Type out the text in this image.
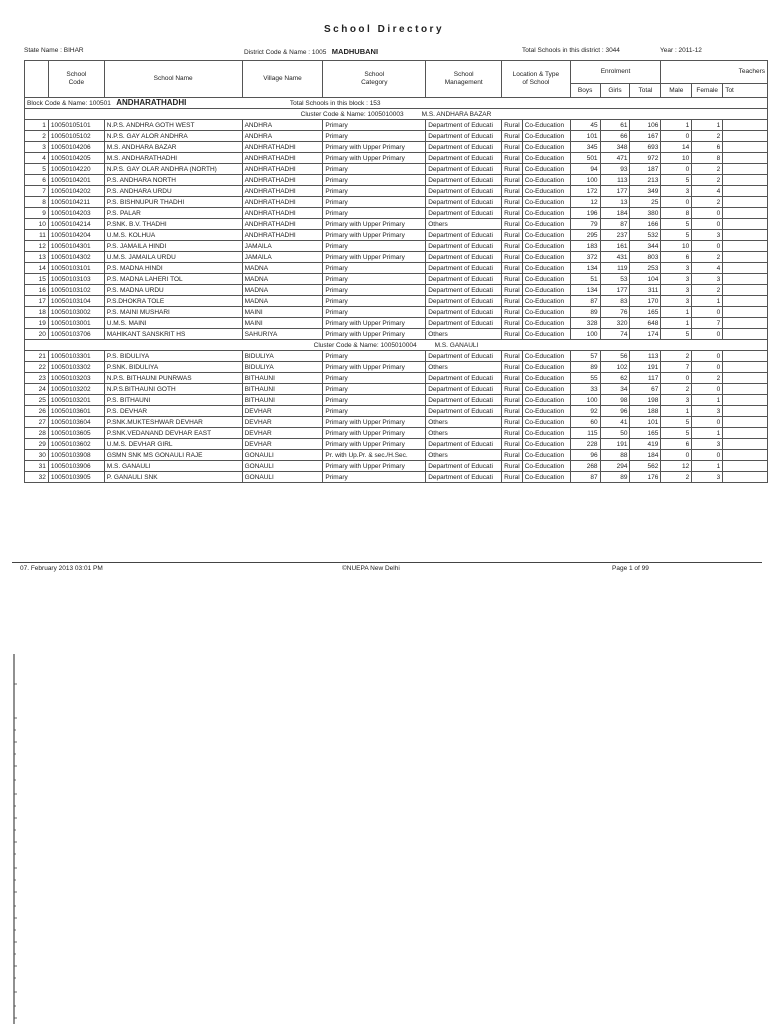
School Directory
State Name : BIHAR	District Code & Name : 1005 MADHUBANI	Total Schools in this district : 3044	Year : 2011-12
	School Code	School Name	Village Name	School Category	School Management	Location & Type of School		Enrolment			Teachers		
								Boys	Girls	Total	Male	Female	Tot
Block Code & Name: 100501 ANDHARATHADHI Total Schools in this block : 153													
Cluster Code & Name: 1005010003 M.S. ANDHARA BAZAR													
1	10050105101	N.P.S. ANDHRA GOTH WEST	ANDHRA	Primary	Department of Educati	Rural	Co-Education	45	61	106	1	1	
2	10050105102	N.P.S. GAY ALOR ANDHRA	ANDHRA	Primary	Department of Educati	Rural	Co-Education	101	66	167	0	2	
3	10050104206	M.S. ANDHARA BAZAR	ANDHRATHADHI	Primary with Upper Primary	Department of Educati	Rural	Co-Education	345	348	693	14	6	
4	10050104205	M.S. ANDHARATHADHI	ANDHRATHADHI	Primary with Upper Primary	Department of Educati	Rural	Co-Education	501	471	972	10	8	
5	10050104220	N.P.S. GAY OLAR ANDHRA (NORTH)	ANDHRATHADHI	Primary	Department of Educati	Rural	Co-Education	94	93	187	0	2	
6	10050104201	P.S. ANDHARA NORTH	ANDHRATHADHI	Primary	Department of Educati	Rural	Co-Education	100	113	213	5	2	
7	10050104202	P.S. ANDHARA URDU	ANDHRATHADHI	Primary	Department of Educati	Rural	Co-Education	172	177	349	3	4	
8	10050104211	P.S. BISHNUPUR THADHI	ANDHRATHADHI	Primary	Department of Educati	Rural	Co-Education	12	13	25	0	2	
9	10050104203	P.S. PALAR	ANDHRATHADHI	Primary	Department of Educati	Rural	Co-Education	196	184	380	8	0	
10	10050104214	P.SNK. B.V. THADHI	ANDHRATHADHI	Primary with Upper Primary	Others	Rural	Co-Education	79	87	166	5	0	
11	10050104204	U.M.S. KOLHUA	ANDHRATHADHI	Primary with Upper Primary	Department of Educati	Rural	Co-Education	295	237	532	5	3	
12	10050104301	P.S. JAMAILA HINDI	JAMAILA	Primary	Department of Educati	Rural	Co-Education	183	161	344	10	0	
13	10050104302	U.M.S. JAMAILA URDU	JAMAILA	Primary with Upper Primary	Department of Educati	Rural	Co-Education	372	431	803	6	2	
14	10050103101	P.S. MADNA HINDI	MADNA	Primary	Department of Educati	Rural	Co-Education	134	119	253	3	4	
15	10050103103	P.S. MADNA LAHERI TOL	MADNA	Primary	Department of Educati	Rural	Co-Education	51	53	104	3	3	
16	10050103102	P.S. MADNA URDU	MADNA	Primary	Department of Educati	Rural	Co-Education	134	177	311	3	2	
17	10050103104	P.S.DHOKRA TOLE	MADNA	Primary	Department of Educati	Rural	Co-Education	87	83	170	3	1	
18	10050103002	P.S. MAINI MUSHARI	MAINI	Primary	Department of Educati	Rural	Co-Education	89	76	165	1	0	
19	10050103001	U.M.S. MAINI	MAINI	Primary with Upper Primary	Department of Educati	Rural	Co-Education	328	320	648	1	7	
20	10050103706	MAHIKANT SANSKRIT HS	SAHURIYA	Primary with Upper Primary	Others	Rural	Co-Education	100	74	174	5	0	
Cluster Code & Name: 1005010004 M.S. GANAULI													
21	10050103301	P.S. BIDULIYA	BIDULIYA	Primary	Department of Educati	Rural	Co-Education	57	56	113	2	0	
22	10050103302	P.SNK. BIDULIYA	BIDULIYA	Primary with Upper Primary	Others	Rural	Co-Education	89	102	191	7	0	
23	10050103203	N.P.S. BITHAUNI PUNRWAS	BITHAUNI	Primary	Department of Educati	Rural	Co-Education	55	62	117	0	2	
24	10050103202	N.P.S.BITHAUNI GOTH	BITHAUNI	Primary	Department of Educati	Rural	Co-Education	33	34	67	2	0	
25	10050103201	P.S. BITHAUNI	BITHAUNI	Primary	Department of Educati	Rural	Co-Education	100	98	198	3	1	
26	10050103601	P.S. DEVHAR	DEVHAR	Primary	Department of Educati	Rural	Co-Education	92	96	188	1	3	
27	10050103604	P.SNK.MUKTESHWAR DEVHAR	DEVHAR	Primary with Upper Primary	Others	Rural	Co-Education	60	41	101	5	0	
28	10050103605	P.SNK.VEDANAND DEVHAR EAST	DEVHAR	Primary with Upper Primary	Others	Rural	Co-Education	115	50	165	5	1	
29	10050103602	U.M.S. DEVHAR GIRL	DEVHAR	Primary with Upper Primary	Department of Educati	Rural	Co-Education	228	191	419	6	3	
30	10050103908	GSMN SNK MS GONAULI RAJE	GONAULI	Pr. with Up.Pr. & sec./H.Sec.	Others	Rural	Co-Education	96	88	184	0	0	
31	10050103906	M.S. GANAULI	GONAULI	Primary with Upper Primary	Department of Educati	Rural	Co-Education	268	294	562	12	1	
32	10050103905	P. GANAULI SNK	GONAULI	Primary	Department of Educati	Rural	Co-Education	87	89	176	2	3	
07. February 2013 03:01 PM	©NUEPA New Delhi	Page 1 of 99
